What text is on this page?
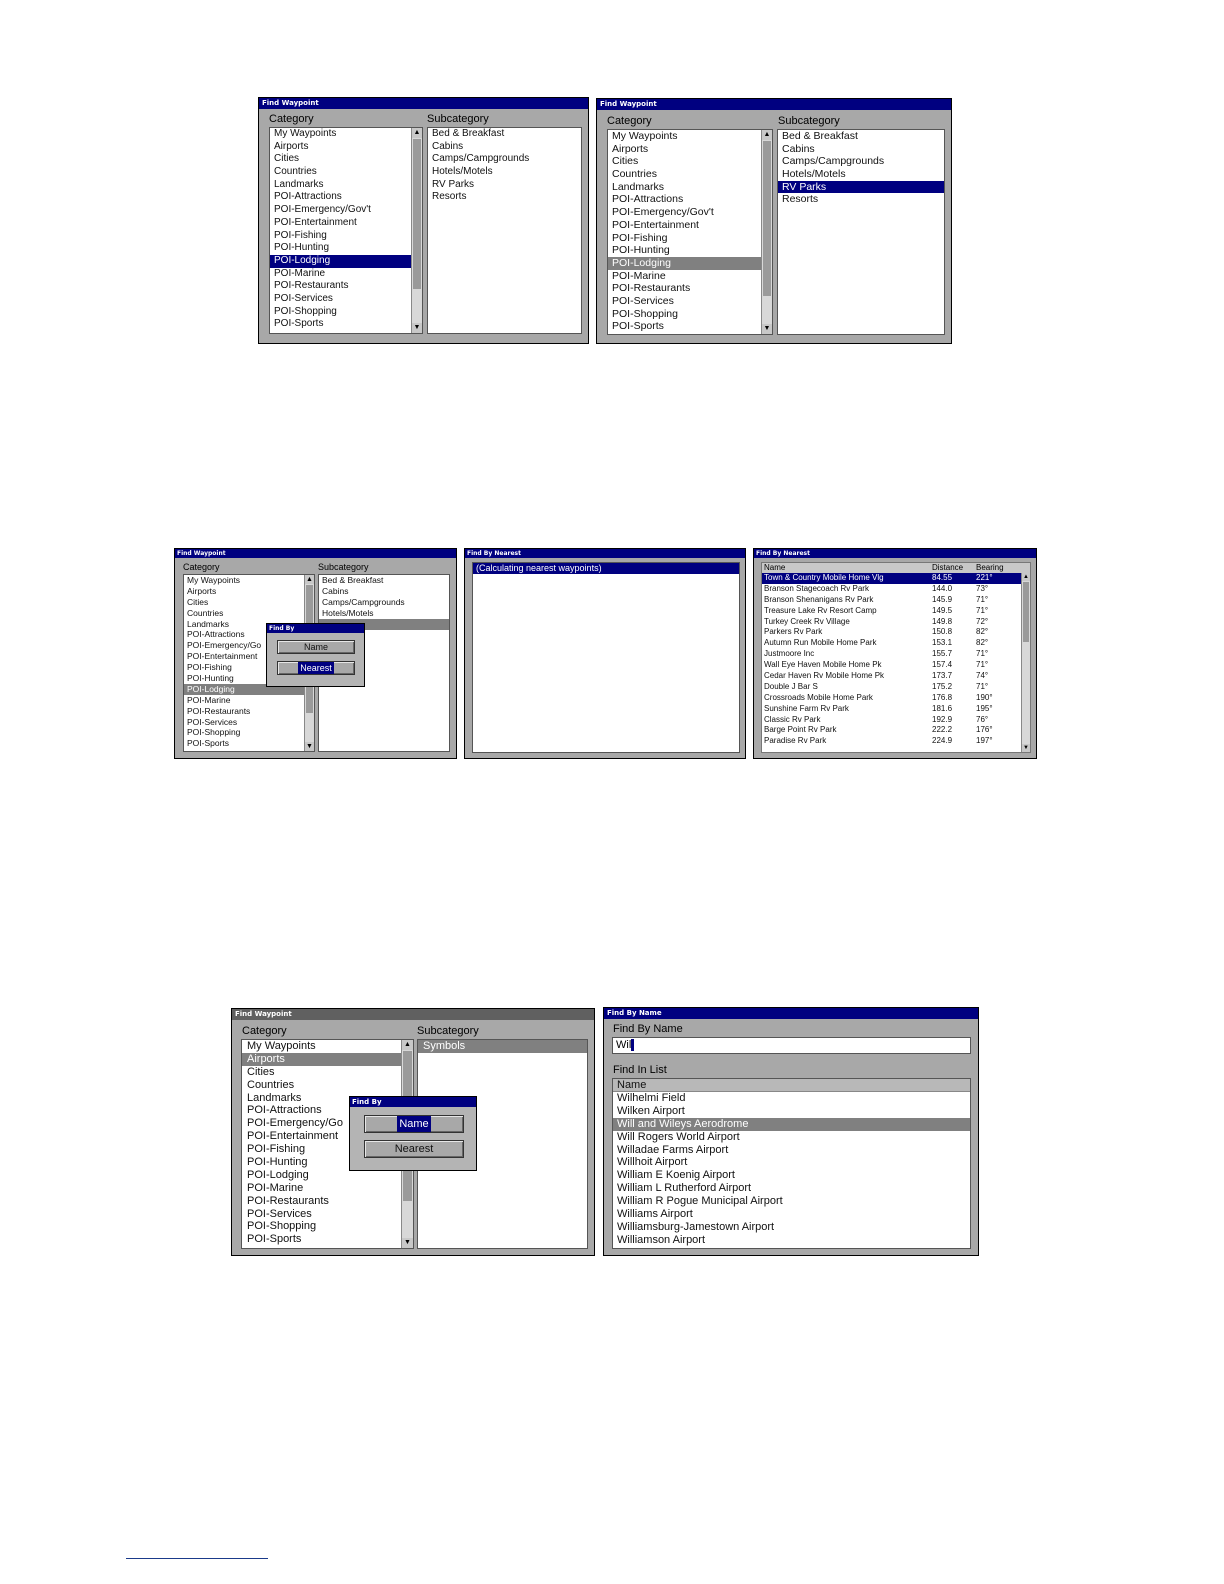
Find Waypoint
Category	Subcategory
My Waypoints
Airports
Cities
Countries
Landmarks
POI-Attractions
POI-Emergency/Gov't
POI-Entertainment
POI-Fishing
POI-Hunting
POI-Lodging
POI-Marine
POI-Restaurants
POI-Services
POI-Shopping
POI-Sports
▲
▼
Bed & Breakfast
Cabins
Camps/Campgrounds
Hotels/Motels
RV Parks
Resorts
Find Waypoint
Category	Subcategory
My Waypoints
Airports
Cities
Countries
Landmarks
POI-Attractions
POI-Emergency/Gov't
POI-Entertainment
POI-Fishing
POI-Hunting
POI-Lodging
POI-Marine
POI-Restaurants
POI-Services
POI-Shopping
POI-Sports
▲
▼
Bed & Breakfast
Cabins
Camps/Campgrounds
Hotels/Motels
RV Parks
Resorts
Find Waypoint
Category	Subcategory
My Waypoints
Airports
Cities
Countries
Landmarks
POI-Attractions
POI-Emergency/Go
POI-Entertainment
POI-Fishing
POI-Hunting
POI-Lodging
POI-Marine
POI-Restaurants
POI-Services
POI-Shopping
POI-Sports
▲
▼
Bed & Breakfast
Cabins
Camps/Campgrounds
Hotels/Motels
Find By
Name
Nearest
Find By Nearest
(Calculating nearest waypoints)
Find By Nearest
Name	Distance	Bearing
Town & Country Mobile Home Vlg	84.55	221°
Branson Stagecoach Rv Park	144.0	73°
Branson Shenanigans Rv Park	145.9	71°
Treasure Lake Rv Resort Camp	149.5	71°
Turkey Creek Rv Village	149.8	72°
Parkers Rv Park	150.8	82°
Autumn Run Mobile Home Park	153.1	82°
Justmoore Inc	155.7	71°
Wall Eye Haven Mobile Home Pk	157.4	71°
Cedar Haven Rv Mobile Home Pk	173.7	74°
Double J Bar S	175.2	71°
Crossroads Mobile Home Park	176.8	190°
Sunshine Farm Rv Park	181.6	195°
Classic Rv Park	192.9	76°
Barge Point Rv Park	222.2	176°
Paradise Rv Park	224.9	197°
▲
▼
Find Waypoint
Category	Subcategory
My Waypoints
Airports
Cities
Countries
Landmarks
POI-Attractions
POI-Emergency/Go
POI-Entertainment
POI-Fishing
POI-Hunting
POI-Lodging
POI-Marine
POI-Restaurants
POI-Services
POI-Shopping
POI-Sports
▲
▼
Symbols
Find By
Name
Nearest
Find By Name
Find By Name
Wil
Find In List
Name
Wilhelmi Field
Wilken Airport
Will and Wileys Aerodrome
Will Rogers World Airport
Willadae Farms Airport
Willhoit Airport
William E Koenig Airport
William L Rutherford Airport
William R Pogue Municipal Airport
Williams Airport
Williamsburg-Jamestown Airport
Williamson Airport
